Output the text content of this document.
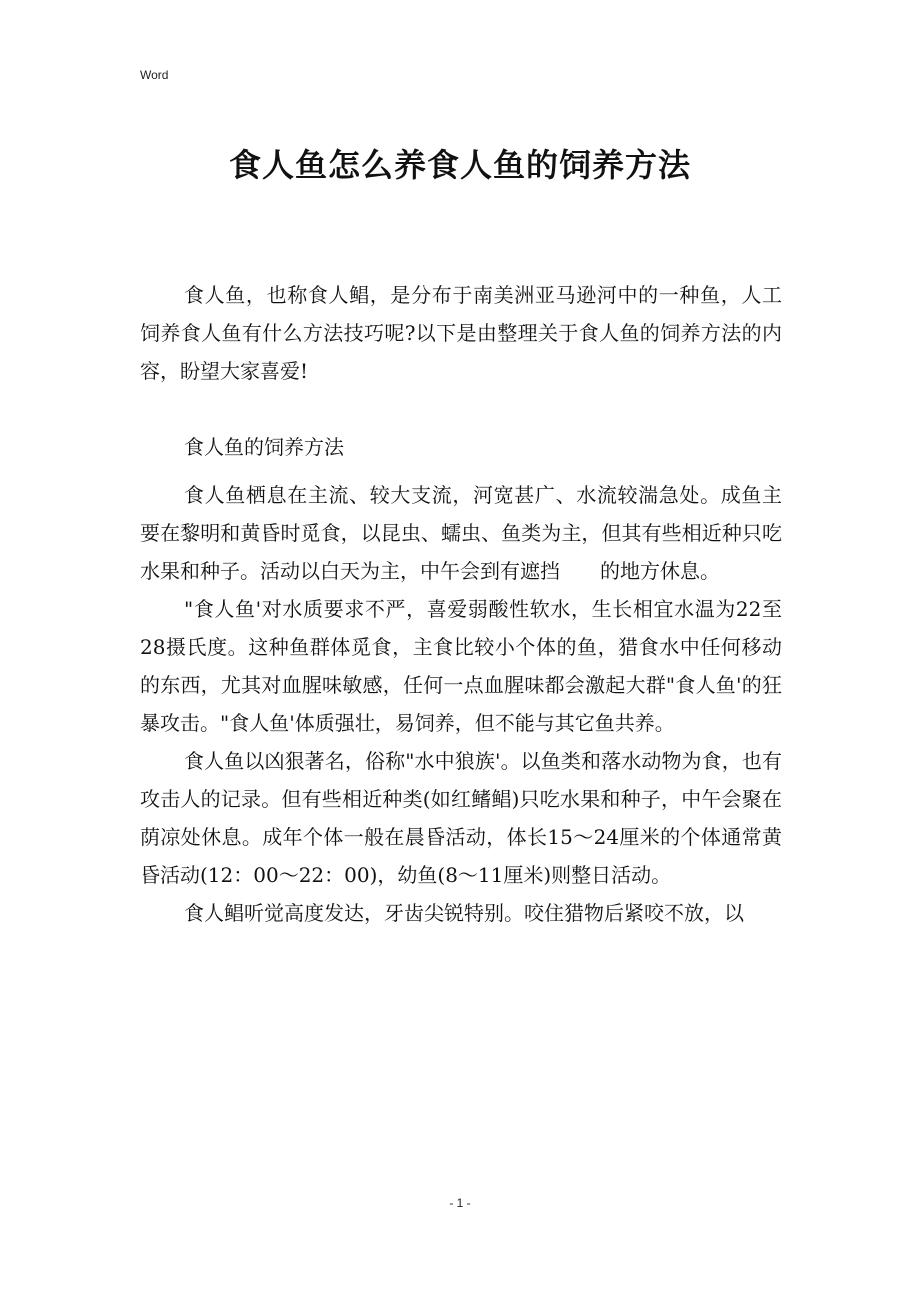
Word
食人鱼怎么养食人鱼的饲养方法

食人鱼，也称食人鲳，是分布于南美洲亚马逊河中的一种鱼，人工饲养食人鱼有什么方法技巧呢?以下是由整理关于食人鱼的饲养方法的内容，盼望大家喜爱!

食人鱼的饲养方法

食人鱼栖息在主流、较大支流，河宽甚广、水流较湍急处。成鱼主要在黎明和黄昏时觅食，以昆虫、蠕虫、鱼类为主，但其有些相近种只吃水果和种子。活动以白天为主，中午会到有遮挡　　的地方休息。

"食人鱼'对水质要求不严，喜爱弱酸性软水，生长相宜水温为22至28摄氏度。这种鱼群体觅食，主食比较小个体的鱼，猎食水中任何移动的东西，尤其对血腥味敏感，任何一点血腥味都会激起大群"食人鱼'的狂暴攻击。"食人鱼'体质强壮，易饲养，但不能与其它鱼共养。

食人鱼以凶狠著名，俗称"水中狼族'。以鱼类和落水动物为食，也有攻击人的记录。但有些相近种类(如红鳍鲳)只吃水果和种子，中午会聚在荫凉处休息。成年个体一般在晨昏活动，体长15～24厘米的个体通常黄昏活动(12：00～22：00)，幼鱼(8～11厘米)则整日活动。

食人鲳听觉高度发达，牙齿尖锐特别。咬住猎物后紧咬不放，以

- 1 -
